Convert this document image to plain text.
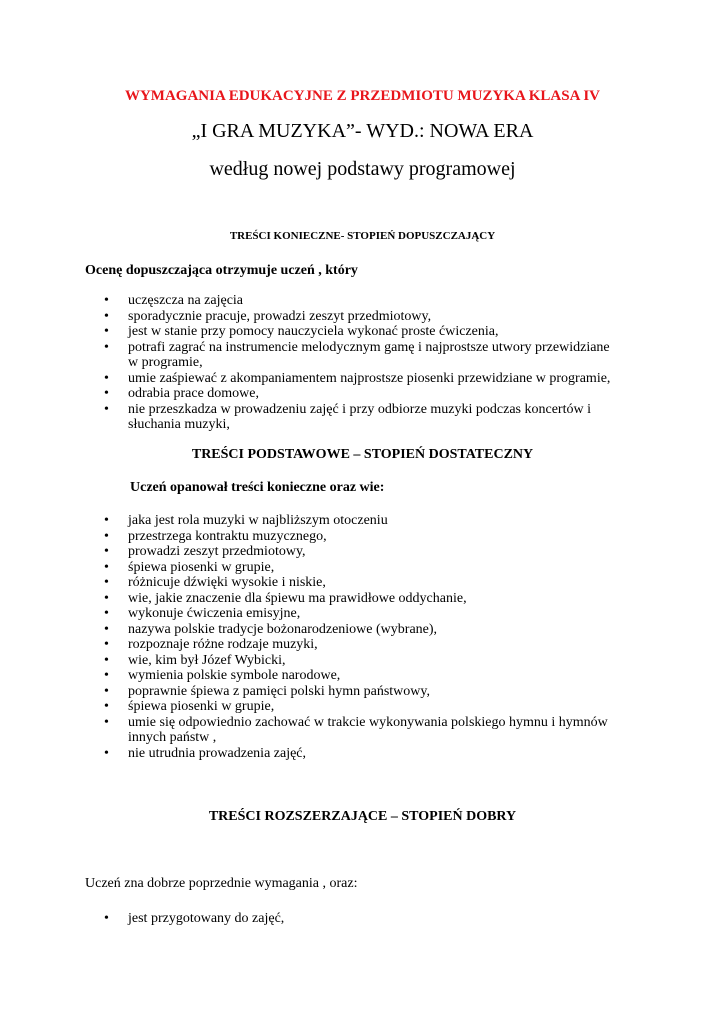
WYMAGANIA EDUKACYJNE Z PRZEDMIOTU MUZYKA KLASA IV
„I GRA MUZYKA”- WYD.: NOWA ERA
według nowej podstawy programowej
TREŚCI KONIECZNE- STOPIEŃ DOPUSZCZAJĄCY
Ocenę dopuszczająca otrzymuje uczeń , który
• uczęszcza na zajęcia
• sporadycznie pracuje, prowadzi zeszyt przedmiotowy,
• jest w stanie przy pomocy nauczyciela wykonać proste ćwiczenia,
• potrafi zagrać na instrumencie melodycznym gamę i najprostsze utwory przewidziane w programie,
• umie zaśpiewać z akompaniamentem najprostsze piosenki przewidziane w programie,
• odrabia prace domowe,
• nie przeszkadza w prowadzeniu zajęć i przy odbiorze muzyki podczas koncertów i słuchania muzyki,
TREŚCI PODSTAWOWE – STOPIEŃ DOSTATECZNY
Uczeń opanował treści konieczne oraz wie:
• jaka jest rola muzyki w najbliższym otoczeniu
• przestrzega kontraktu muzycznego,
• prowadzi zeszyt przedmiotowy,
• śpiewa piosenki w grupie,
• różnicuje dźwięki wysokie i niskie,
• wie, jakie znaczenie dla śpiewu ma prawidłowe oddychanie,
• wykonuje ćwiczenia emisyjne,
• nazywa polskie tradycje bożonarodzeniowe (wybrane),
• rozpoznaje różne rodzaje muzyki,
• wie, kim był Józef Wybicki,
• wymienia polskie symbole narodowe,
• poprawnie śpiewa z pamięci polski hymn państwowy,
• śpiewa piosenki w grupie,
• umie się odpowiednio zachować w trakcie wykonywania polskiego hymnu i hymnów innych państw ,
• nie utrudnia prowadzenia zajęć,
TREŚCI ROZSZERZAJĄCE – STOPIEŃ DOBRY
Uczeń zna dobrze poprzednie wymagania , oraz:
• jest przygotowany do zajęć,
